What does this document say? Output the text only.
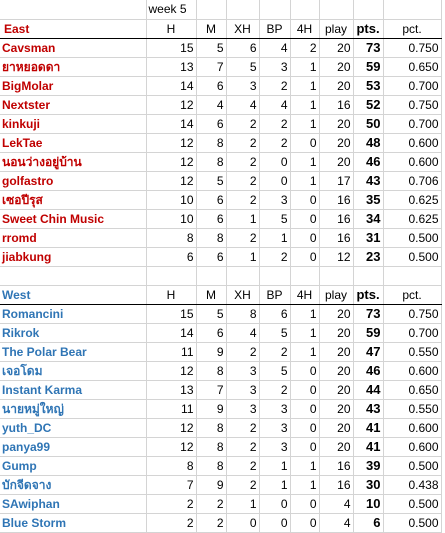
	week 5							
East	H	M	XH	BP	4H	play	pts.	pct.
Cavsman	15	5	6	4	2	20	73	0.750
ยาหยอดดา	13	7	5	3	1	20	59	0.650
BigMolar	14	6	3	2	1	20	53	0.700
Nextster	12	4	4	4	1	16	52	0.750
kinkuji	14	6	2	2	1	20	50	0.700
LekTae	12	8	2	2	0	20	48	0.600
นอนว่างอยู่บ้าน	12	8	2	0	1	20	46	0.600
golfastro	12	5	2	0	1	17	43	0.706
เซอปีรุส	10	6	2	3	0	16	35	0.625
Sweet Chin Music	10	6	1	5	0	16	34	0.625
rromd	8	8	2	1	0	16	31	0.500
jiabkung	6	6	1	2	0	12	23	0.500

West	H	M	XH	BP	4H	play	pts.	pct.
Romancini	15	5	8	6	1	20	73	0.750
Rikrok	14	6	4	5	1	20	59	0.700
The Polar Bear	11	9	2	2	1	20	47	0.550
เจอโดม	12	8	3	5	0	20	46	0.600
Instant Karma	13	7	3	2	0	20	44	0.650
นายหมู่ใหญ่	11	9	3	3	0	20	43	0.550
yuth_DC	12	8	2	3	0	20	41	0.600
panya99	12	8	2	3	0	20	41	0.600
Gump	8	8	2	1	1	16	39	0.500
บักจีดจาง	7	9	2	1	1	16	30	0.438
SAwiphan	2	2	1	0	0	4	10	0.500
Blue Storm	2	2	0	0	0	4	6	0.500
